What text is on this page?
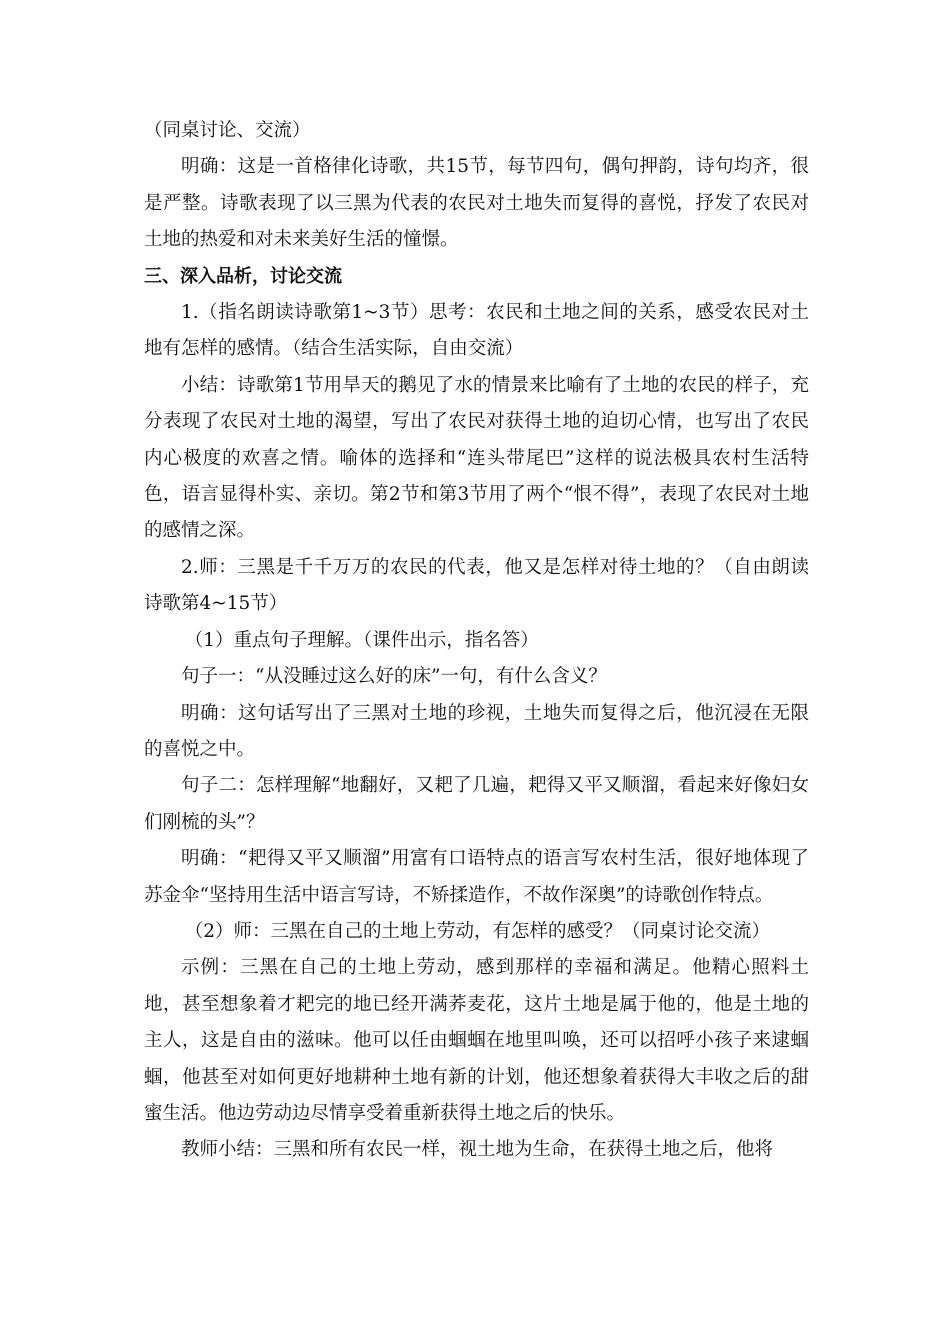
（同桌讨论、交流）

明确：这是一首格律化诗歌，共15节，每节四句，偶句押韵，诗句均齐，很是严整。诗歌表现了以三黑为代表的农民对土地失而复得的喜悦，抒发了农民对土地的热爱和对未来美好生活的憧憬。

三、深入品析，讨论交流

1.（指名朗读诗歌第1~3节）思考：农民和土地之间的关系，感受农民对土地有怎样的感情。（结合生活实际，自由交流）

小结：诗歌第1节用旱天的鹅见了水的情景来比喻有了土地的农民的样子，充分表现了农民对土地的渴望，写出了农民对获得土地的迫切心情，也写出了农民内心极度的欢喜之情。喻体的选择和“连头带尾巴”这样的说法极具农村生活特色，语言显得朴实、亲切。第2节和第3节用了两个“恨不得”，表现了农民对土地的感情之深。

2.师：三黑是千千万万的农民的代表，他又是怎样对待土地的？（自由朗读诗歌第4~15节）

（1）重点句子理解。（课件出示，指名答）

句子一：“从没睡过这么好的床”一句，有什么含义？

明确：这句话写出了三黑对土地的珍视，土地失而复得之后，他沉浸在无限的喜悦之中。

句子二：怎样理解“地翻好，又耙了几遍，耙得又平又顺溜，看起来好像妇女们刚梳的头”？

明确：“耙得又平又顺溜”用富有口语特点的语言写农村生活，很好地体现了苏金伞“坚持用生活中语言写诗，不矫揉造作，不故作深奥”的诗歌创作特点。

（2）师：三黑在自己的土地上劳动，有怎样的感受？（同桌讨论交流）

示例：三黑在自己的土地上劳动，感到那样的幸福和满足。他精心照料土地，甚至想象着才耙完的地已经开满荞麦花，这片土地是属于他的，他是土地的主人，这是自由的滋味。他可以任由蝈蝈在地里叫唤，还可以招呼小孩子来逮蝈蝈，他甚至对如何更好地耕种土地有新的计划，他还想象着获得大丰收之后的甜蜜生活。他边劳动边尽情享受着重新获得土地之后的快乐。

教师小结：三黑和所有农民一样，视土地为生命，在获得土地之后，他将
